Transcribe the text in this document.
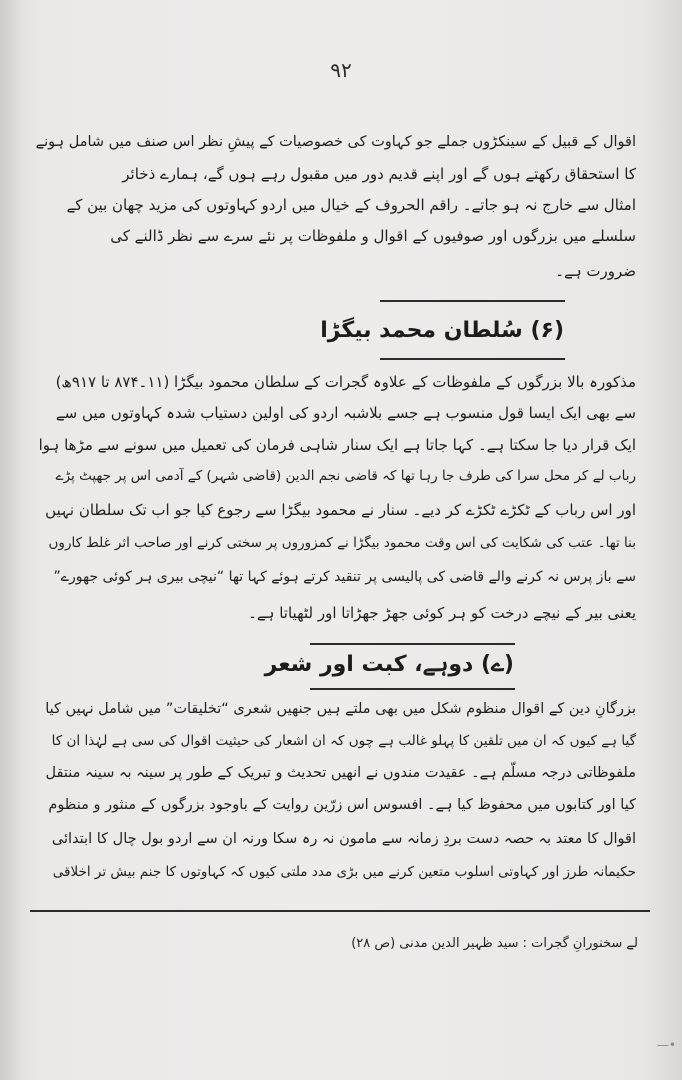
۹۲
اقوال کے قبیل کے سینکڑوں جملے جو کہاوت کی خصوصیات کے پیشِ نظر اس صنف میں شامل ہونے
کا استحقاق رکھتے ہوں گے اور اپنے قدیم دور میں مقبول رہے ہوں گے، ہمارے ذخائر
امثال سے خارج نہ ہو جاتے۔ راقم الحروف کے خیال میں اردو کہاوتوں کی مزید چھان بین کے
سلسلے میں بزرگوں اور صوفیوں کے اقوال و ملفوظات پر نئے سرے سے نظر ڈالنے کی
ضرورت ہے۔
(۶) سُلطان محمد بیگڑا
مذکورہ بالا بزرگوں کے ملفوظات کے علاوہ گجرات کے سلطان محمود بیگڑا (۱۱۔۸۷۴ تا ۹۱۷ھ)
سے بھی ایک ایسا قول منسوب ہے جسے بلاشبہ اردو کی اولین دستیاب شدہ کہاوتوں میں سے
ایک قرار دیا جا سکتا ہے۔ کہا جاتا ہے ایک سنار شاہی فرمان کی تعمیل میں سونے سے مڑھا ہوا
رباب لے کر محل سرا کی طرف جا رہا تھا کہ قاضی نجم الدین (قاضی شہر) کے آدمی اس پر جھپٹ پڑے
اور اس رباب کے ٹکڑے ٹکڑے کر دیے۔ سنار نے محمود بیگڑا سے رجوع کیا جو اب تک سلطان نہیں
بنا تھا۔ عتب کی شکایت کی اس وقت محمود بیگڑا نے کمزوروں پر سختی کرنے اور صاحب اثر غلط کاروں
سے باز پرس نہ کرنے والے قاضی کی پالیسی پر تنقید کرتے ہوئے کہا تھا “نیچی بیری ہر کوئی جھورے”
یعنی بیر کے نیچے درخت کو ہر کوئی جھڑ جھڑاتا اور لٹھیاتا ہے۔
(ے) دوہے، کبت اور شعر
بزرگانِ دین کے اقوال منظوم شکل میں بھی ملتے ہیں جنھیں شعری “تخلیقات” میں شامل نہیں کیا
گیا ہے کیوں کہ ان میں تلقین کا پہلو غالب ہے چوں کہ ان اشعار کی حیثیت اقوال کی سی ہے لہٰذا ان کا
ملفوظاتی درجہ مسلّم ہے۔ عقیدت مندوں نے انھیں تحدیث و تبریک کے طور پر سینہ بہ سینہ منتقل
کیا اور کتابوں میں محفوظ کیا ہے۔ افسوس اس زرّین روایت کے باوجود بزرگوں کے منثور و منظوم
اقوال کا معتد بہ حصہ دست بردِ زمانہ سے مامون نہ رہ سکا ورنہ ان سے اردو بول چال کا ابتدائی
حکیمانہ طرز اور کہاوتی اسلوب متعین کرنے میں بڑی مدد ملتی کیوں کہ کہاوتوں کا جنم بیش تر اخلاقی
لے سخنورانِ گجرات : سید ظہیر الدین مدنی (ص ۲۸)
—•
